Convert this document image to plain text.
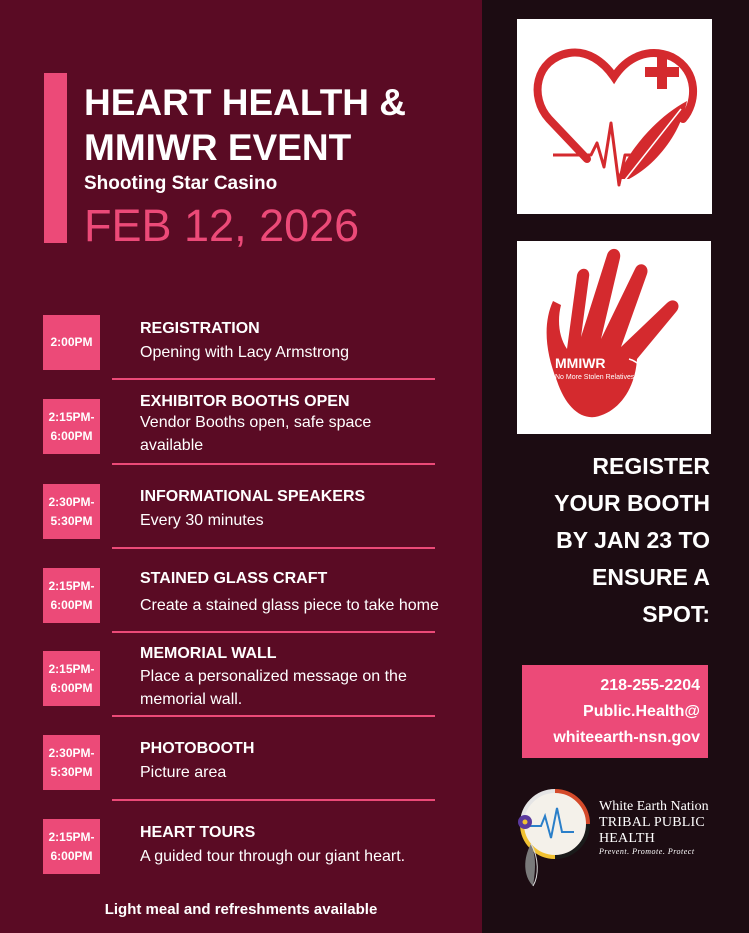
HEART HEALTH &
MMIWR EVENT
Shooting Star Casino
FEB 12, 2026
2:00PM
REGISTRATION
Opening with Lacy Armstrong
2:15PM-
6:00PM
EXHIBITOR BOOTHS OPEN
Vendor Booths open, safe space available
2:30PM-
5:30PM
INFORMATIONAL SPEAKERS
Every 30 minutes
2:15PM-
6:00PM
STAINED GLASS CRAFT
Create a stained glass piece to take home
2:15PM-
6:00PM
MEMORIAL WALL
Place a personalized message on the memorial wall.
2:30PM-
5:30PM
PHOTOBOOTH
Picture area
2:15PM-
6:00PM
HEART TOURS
A guided tour through our giant heart.
Light meal and refreshments available
MMIWR
No More Stolen Relatives
REGISTER
YOUR BOOTH
BY JAN 23 TO
ENSURE A
SPOT:
218-255-2204
Public.Health@
whiteearth-nsn.gov
White Earth Nation
TRIBAL PUBLIC HEALTH
Prevent. Promote. Protect
